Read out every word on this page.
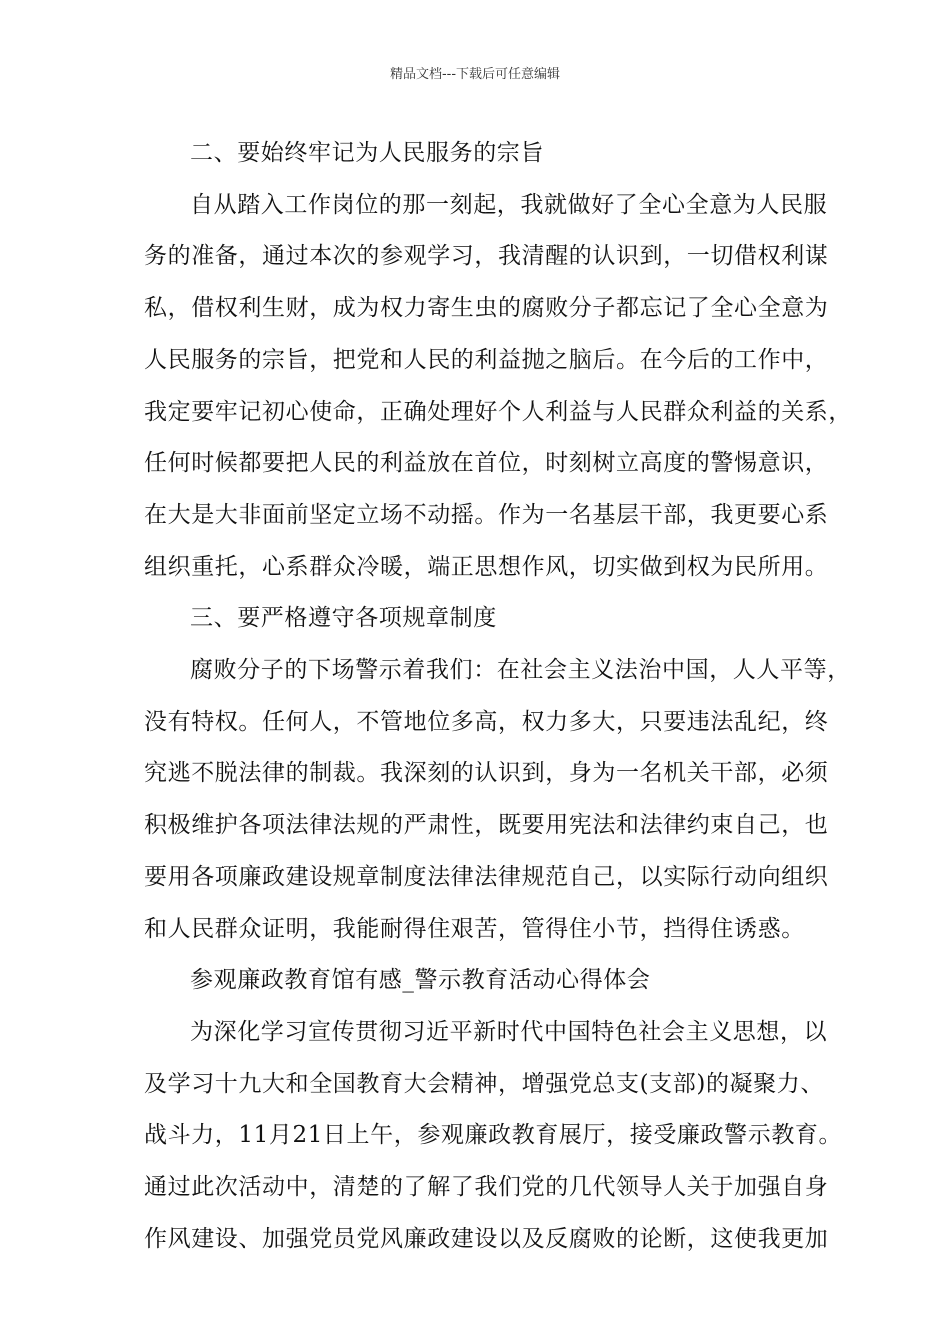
精品文档---下载后可任意编辑
二、要始终牢记为人民服务的宗旨
自从踏入工作岗位的那一刻起，我就做好了全心全意为人民服
务的准备，通过本次的参观学习，我清醒的认识到，一切借权利谋
私，借权利生财，成为权力寄生虫的腐败分子都忘记了全心全意为
人民服务的宗旨，把党和人民的利益抛之脑后。在今后的工作中，
我定要牢记初心使命，正确处理好个人利益与人民群众利益的关系，
任何时候都要把人民的利益放在首位，时刻树立高度的警惕意识，
在大是大非面前坚定立场不动摇。作为一名基层干部，我更要心系
组织重托，心系群众冷暖，端正思想作风，切实做到权为民所用。
三、要严格遵守各项规章制度
腐败分子的下场警示着我们：在社会主义法治中国，人人平等，
没有特权。任何人，不管地位多高，权力多大，只要违法乱纪，终
究逃不脱法律的制裁。我深刻的认识到，身为一名机关干部，必须
积极维护各项法律法规的严肃性，既要用宪法和法律约束自己，也
要用各项廉政建设规章制度法律法律规范自己，以实际行动向组织
和人民群众证明，我能耐得住艰苦，管得住小节，挡得住诱惑。
参观廉政教育馆有感_警示教育活动心得体会
为深化学习宣传贯彻习近平新时代中国特色社会主义思想，以
及学习十九大和全国教育大会精神，增强党总支(支部)的凝聚力、
战斗力，11月21日上午，参观廉政教育展厅，接受廉政警示教育。
通过此次活动中，清楚的了解了我们党的几代领导人关于加强自身
作风建设、加强党员党风廉政建设以及反腐败的论断，这使我更加
